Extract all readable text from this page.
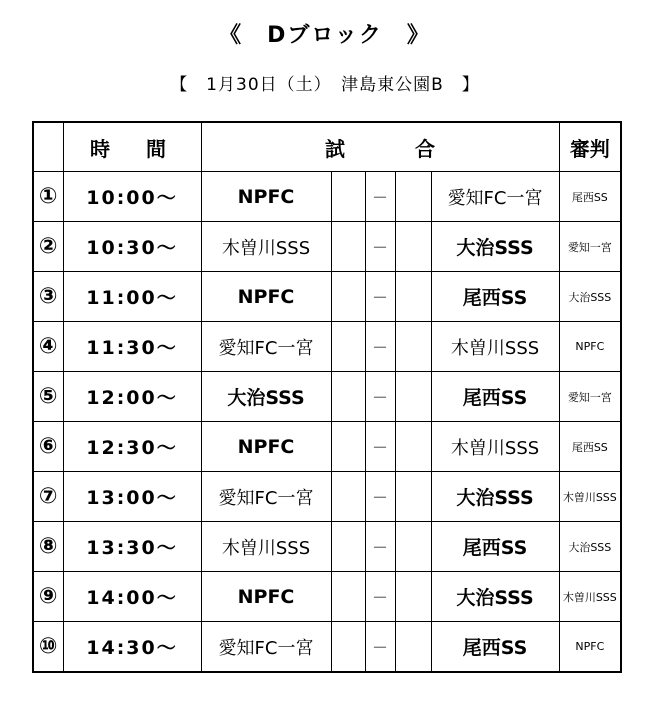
《　Dブロック　》
【　1月30日（土）　津島東公園B　】
	時　間	試 合					審判
①	10:00～	NPFC		－		愛知FC一宮	尾西SS
②	10:30～	木曽川SSS		－		大治SSS	愛知一宮
③	11:00～	NPFC		－		尾西SS	大治SSS
④	11:30～	愛知FC一宮		－		木曽川SSS	NPFC
⑤	12:00～	大治SSS		－		尾西SS	愛知一宮
⑥	12:30～	NPFC		－		木曽川SSS	尾西SS
⑦	13:00～	愛知FC一宮		－		大治SSS	木曽川SSS
⑧	13:30～	木曽川SSS		－		尾西SS	大治SSS
⑨	14:00～	NPFC		－		大治SSS	木曽川SSS
⑩	14:30～	愛知FC一宮		－		尾西SS	NPFC
